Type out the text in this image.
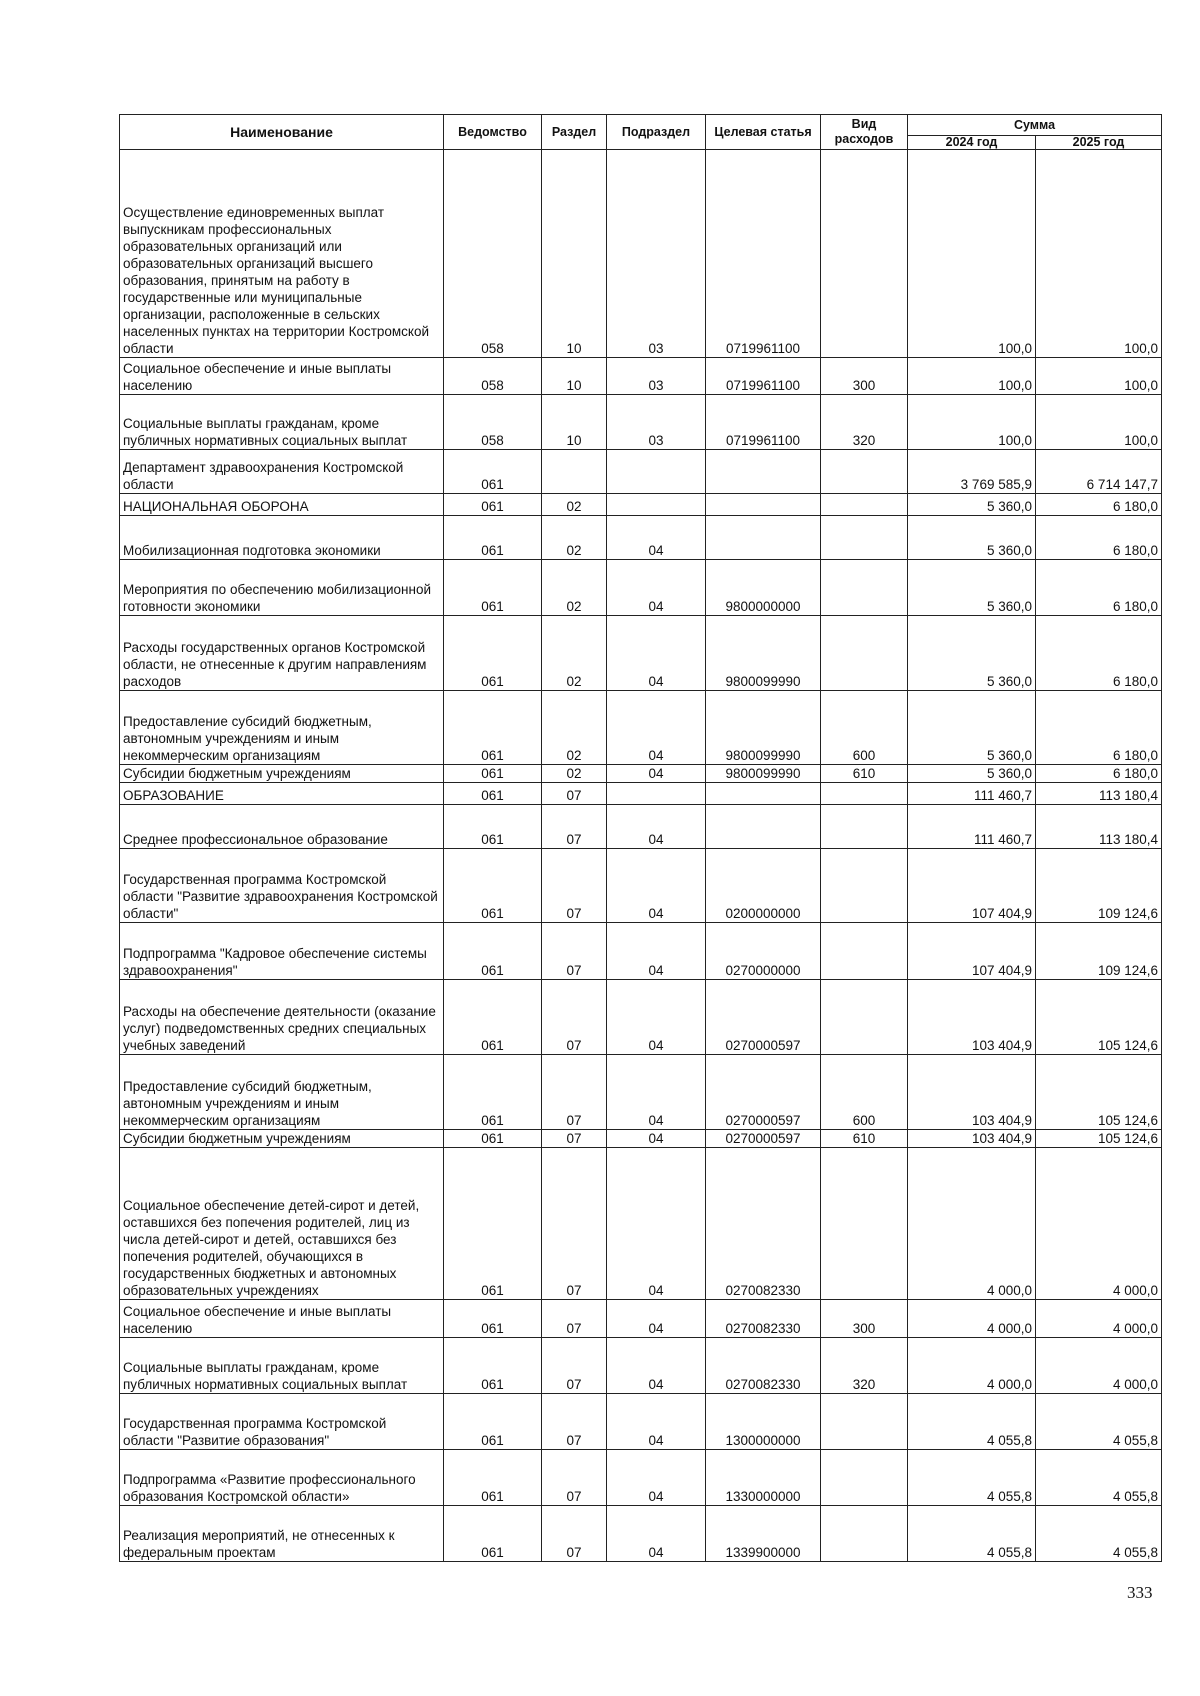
Наименование	Ведомство	Раздел	Подраздел	Целевая статья	Вид расходов	Сумма	
						2024 год	2025 год
Осуществление единовременных выплат выпускникам профессиональных образовательных организаций или образовательных организаций высшего образования, принятым на работу в государственные или муниципальные организации, расположенные в сельских населенных пунктах на территории Костромской области	058	10	03	0719961100		100,0	100,0
Социальное обеспечение и иные выплаты населению	058	10	03	0719961100	300	100,0	100,0
Социальные выплаты гражданам, кроме публичных нормативных социальных выплат	058	10	03	0719961100	320	100,0	100,0
Департамент здравоохранения Костромской области	061					3 769 585,9	6 714 147,7
НАЦИОНАЛЬНАЯ ОБОРОНА	061	02				5 360,0	6 180,0
Мобилизационная подготовка экономики	061	02	04			5 360,0	6 180,0
Мероприятия по обеспечению мобилизационной готовности экономики	061	02	04	9800000000		5 360,0	6 180,0
Расходы государственных органов Костромской области, не отнесенные к другим направлениям расходов	061	02	04	9800099990		5 360,0	6 180,0
Предоставление субсидий бюджетным, автономным учреждениям и иным некоммерческим организациям	061	02	04	9800099990	600	5 360,0	6 180,0
Субсидии бюджетным учреждениям	061	02	04	9800099990	610	5 360,0	6 180,0
ОБРАЗОВАНИЕ	061	07				111 460,7	113 180,4
Среднее профессиональное образование	061	07	04			111 460,7	113 180,4
Государственная программа Костромской области "Развитие здравоохранения Костромской области"	061	07	04	0200000000		107 404,9	109 124,6
Подпрограмма "Кадровое обеспечение системы здравоохранения"	061	07	04	0270000000		107 404,9	109 124,6
Расходы на обеспечение деятельности (оказание услуг) подведомственных средних специальных учебных заведений	061	07	04	0270000597		103 404,9	105 124,6
Предоставление субсидий бюджетным, автономным учреждениям и иным некоммерческим организациям	061	07	04	0270000597	600	103 404,9	105 124,6
Субсидии бюджетным учреждениям	061	07	04	0270000597	610	103 404,9	105 124,6
Социальное обеспечение детей-сирот и детей, оставшихся без попечения родителей, лиц из числа детей-сирот и детей, оставшихся без попечения родителей, обучающихся в государственных бюджетных и автономных образовательных учреждениях	061	07	04	0270082330		4 000,0	4 000,0
Социальное обеспечение и иные выплаты населению	061	07	04	0270082330	300	4 000,0	4 000,0
Социальные выплаты гражданам, кроме публичных нормативных социальных выплат	061	07	04	0270082330	320	4 000,0	4 000,0
Государственная программа Костромской области "Развитие образования"	061	07	04	1300000000		4 055,8	4 055,8
Подпрограмма «Развитие профессионального образования Костромской области»	061	07	04	1330000000		4 055,8	4 055,8
Реализация мероприятий, не отнесенных к федеральным проектам	061	07	04	1339900000		4 055,8	4 055,8
333
